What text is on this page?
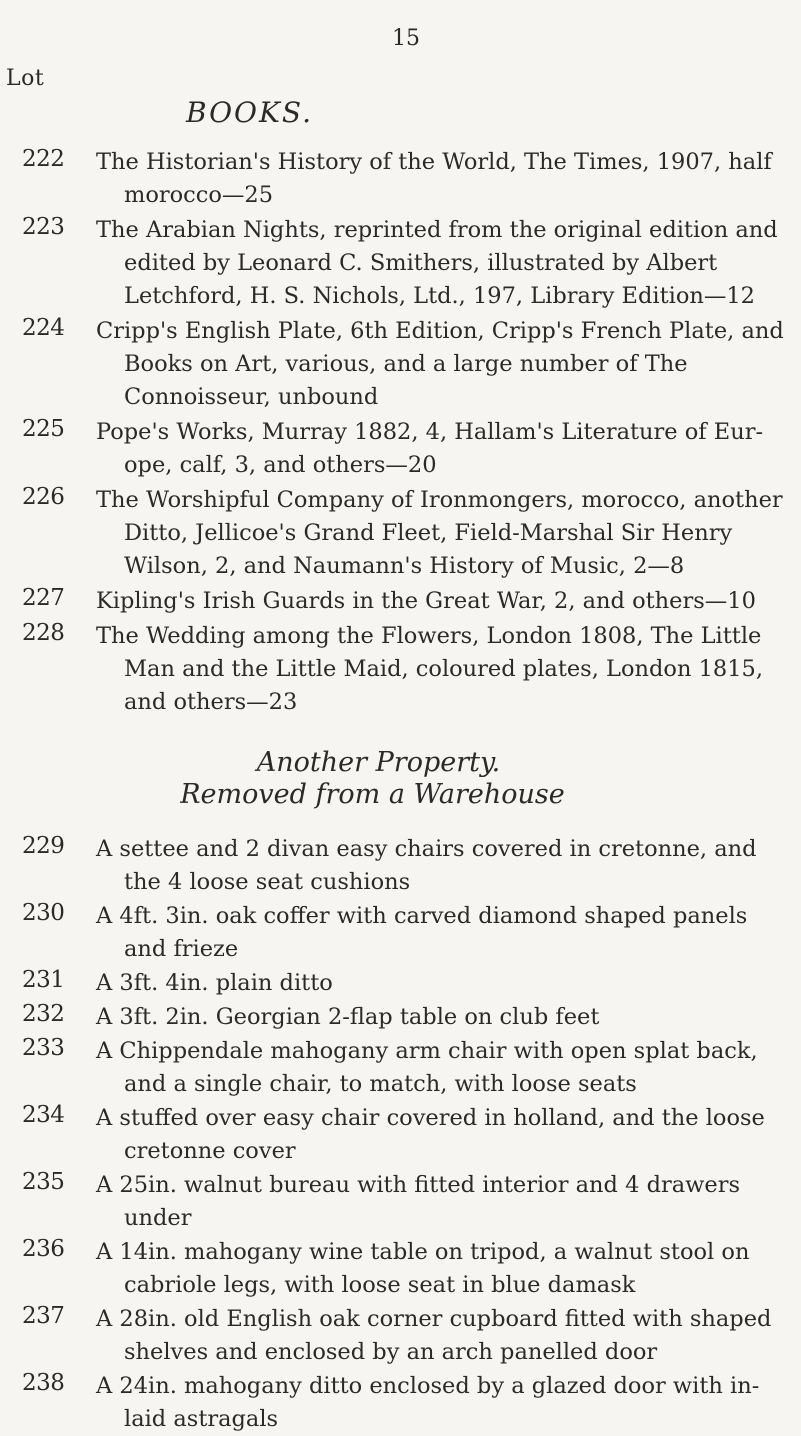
Lot
15
BOOKS.
222 The Historian's History of the World, The Times, 1907, half morocco—25
223 The Arabian Nights, reprinted from the original edition and edited by Leonard C. Smithers, illustrated by Albert Letchford, H. S. Nichols, Ltd., 197, Library Edition—12
224 Cripp's English Plate, 6th Edition, Cripp's French Plate, and Books on Art, various, and a large number of The Connoisseur, unbound
225 Pope's Works, Murray 1882, 4, Hallam's Literature of Eur- ope, calf, 3, and others—20
226 The Worshipful Company of Ironmongers, morocco, another Ditto, Jellicoe's Grand Fleet, Field-Marshal Sir Henry Wilson, 2, and Naumann's History of Music, 2—8
227 Kipling's Irish Guards in the Great War, 2, and others—10
228 The Wedding among the Flowers, London 1808, The Little Man and the Little Maid, coloured plates, London 1815, and others—23
Another Property.
Removed from a Warehouse
229 A settee and 2 divan easy chairs covered in cretonne, and the 4 loose seat cushions
230 A 4ft. 3in. oak coffer with carved diamond shaped panels and frieze
231 A 3ft. 4in. plain ditto
232 A 3ft. 2in. Georgian 2-flap table on club feet
233 A Chippendale mahogany arm chair with open splat back, and a single chair, to match, with loose seats
234 A stuffed over easy chair covered in holland, and the loose cretonne cover
235 A 25in. walnut bureau with fitted interior and 4 drawers under
236 A 14in. mahogany wine table on tripod, a walnut stool on cabriole legs, with loose seat in blue damask
237 A 28in. old English oak corner cupboard fitted with shaped shelves and enclosed by an arch panelled door
238 A 24in. mahogany ditto enclosed by a glazed door with in- laid astragals
